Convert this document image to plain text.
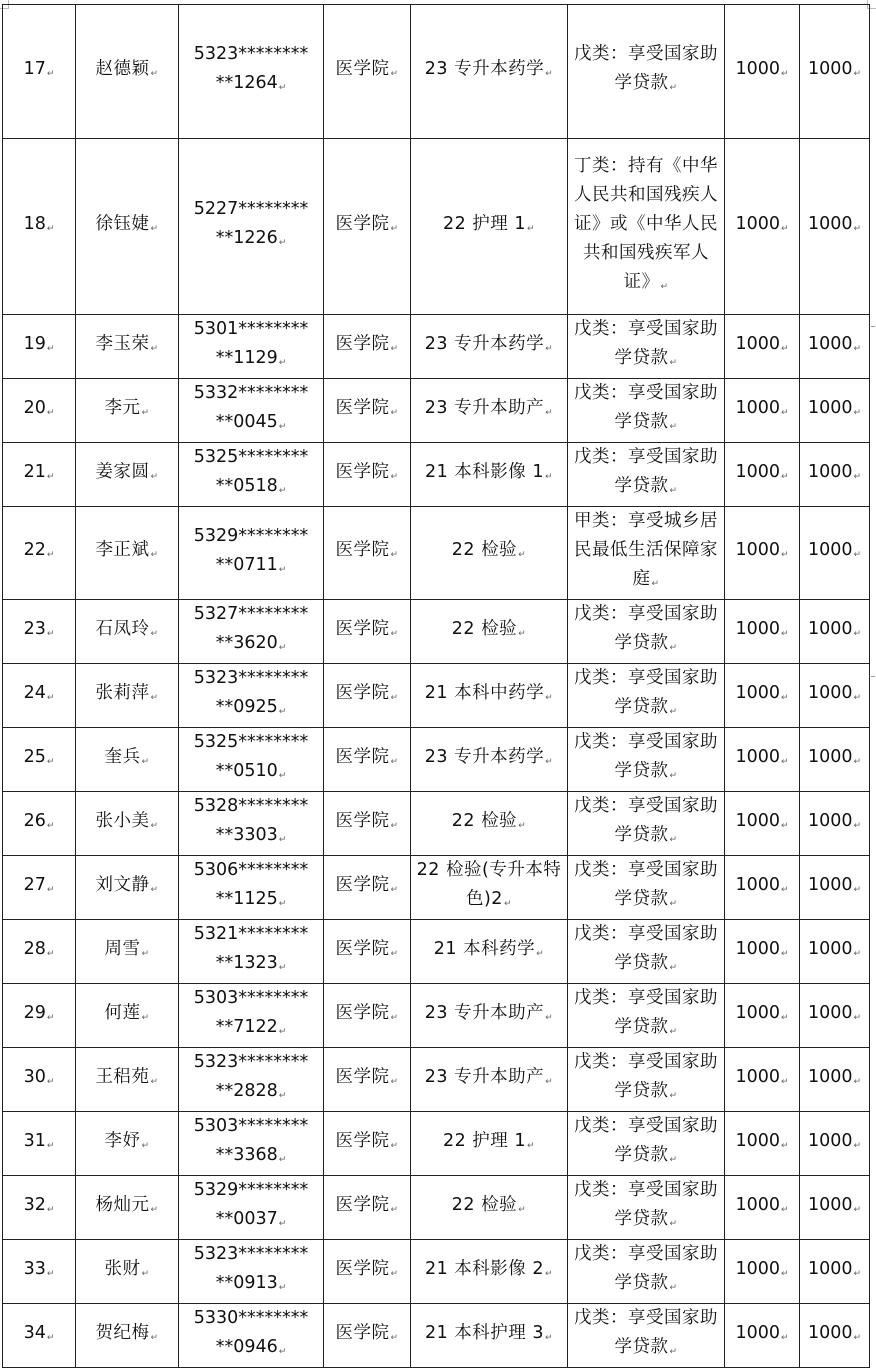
17 ↵	赵德颖 ↵	5323********
**1264 ↵	医学院 ↵	23 专升本药学 ↵	戊类：享受国家助学贷款 ↵	1000 ↵	1000 ↵
18 ↵	徐钰婕 ↵	5227********
**1226 ↵	医学院 ↵	22 护理 1 ↵	丁类：持有《中华人民共和国残疾人证》或《中华人民共和国残疾军人证》 ↵	1000 ↵	1000 ↵
19 ↵	李玉荣 ↵	5301********
**1129 ↵	医学院 ↵	23 专升本药学 ↵	戊类：享受国家助学贷款 ↵	1000 ↵	1000 ↵
20 ↵	李元 ↵	5332********
**0045 ↵	医学院 ↵	23 专升本助产 ↵	戊类：享受国家助学贷款 ↵	1000 ↵	1000 ↵
21 ↵	姜家圆 ↵	5325********
**0518 ↵	医学院 ↵	21 本科影像 1 ↵	戊类：享受国家助学贷款 ↵	1000 ↵	1000 ↵
22 ↵	李正斌 ↵	5329********
**0711 ↵	医学院 ↵	22 检验 ↵	甲类：享受城乡居民最低生活保障家庭 ↵	1000 ↵	1000 ↵
23 ↵	石凤玲 ↵	5327********
**3620 ↵	医学院 ↵	22 检验 ↵	戊类：享受国家助学贷款 ↵	1000 ↵	1000 ↵
24 ↵	张莉萍 ↵	5323********
**0925 ↵	医学院 ↵	21 本科中药学 ↵	戊类：享受国家助学贷款 ↵	1000 ↵	1000 ↵
25 ↵	奎兵 ↵	5325********
**0510 ↵	医学院 ↵	23 专升本药学 ↵	戊类：享受国家助学贷款 ↵	1000 ↵	1000 ↵
26 ↵	张小美 ↵	5328********
**3303 ↵	医学院 ↵	22 检验 ↵	戊类：享受国家助学贷款 ↵	1000 ↵	1000 ↵
27 ↵	刘文静 ↵	5306********
**1125 ↵	医学院 ↵	22 检验(专升本特色)2 ↵	戊类：享受国家助学贷款 ↵	1000 ↵	1000 ↵
28 ↵	周雪 ↵	5321********
**1323 ↵	医学院 ↵	21 本科药学 ↵	戊类：享受国家助学贷款 ↵	1000 ↵	1000 ↵
29 ↵	何莲 ↵	5303********
**7122 ↵	医学院 ↵	23 专升本助产 ↵	戊类：享受国家助学贷款 ↵	1000 ↵	1000 ↵
30 ↵	王稆苑 ↵	5323********
**2828 ↵	医学院 ↵	23 专升本助产 ↵	戊类：享受国家助学贷款 ↵	1000 ↵	1000 ↵
31 ↵	李妤 ↵	5303********
**3368 ↵	医学院 ↵	22 护理 1 ↵	戊类：享受国家助学贷款 ↵	1000 ↵	1000 ↵
32 ↵	杨灿元 ↵	5329********
**0037 ↵	医学院 ↵	22 检验 ↵	戊类：享受国家助学贷款 ↵	1000 ↵	1000 ↵
33 ↵	张财 ↵	5323********
**0913 ↵	医学院 ↵	21 本科影像 2 ↵	戊类：享受国家助学贷款 ↵	1000 ↵	1000 ↵
34 ↵	贺纪梅 ↵	5330********
**0946 ↵	医学院 ↵	21 本科护理 3 ↵	戊类：享受国家助学贷款 ↵	1000 ↵	1000 ↵
